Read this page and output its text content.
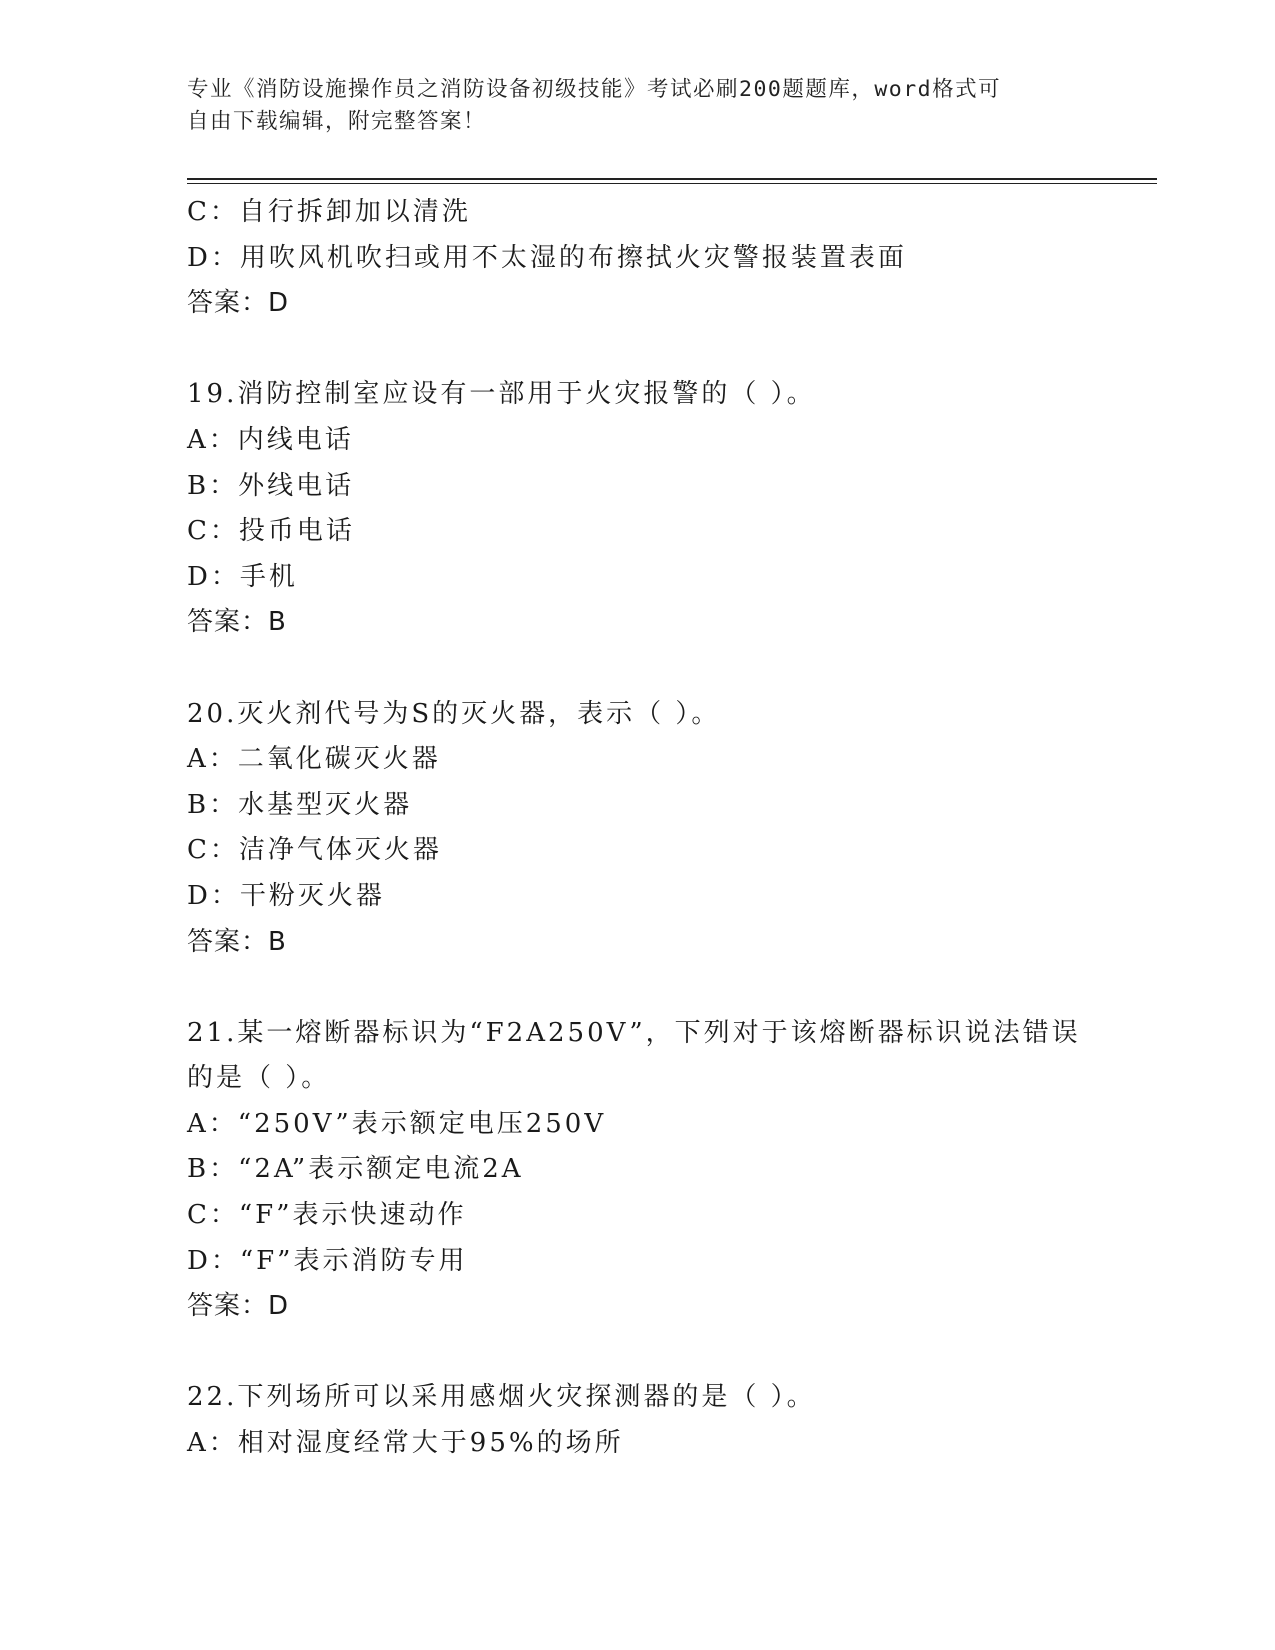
专业《消防设施操作员之消防设备初级技能》考试必刷200题题库，word格式可
自由下载编辑，附完整答案！
C：自行拆卸加以清洗
D：用吹风机吹扫或用不太湿的布擦拭火灾警报装置表面
答案：D
19.消防控制室应设有一部用于火灾报警的（ ）。
A：内线电话
B：外线电话
C：投币电话
D：手机
答案：B
20.灭火剂代号为S的灭火器，表示（ ）。
A：二氧化碳灭火器
B：水基型灭火器
C：洁净气体灭火器
D：干粉灭火器
答案：B
21.某一熔断器标识为“F2A250V”，下列对于该熔断器标识说法错误
的是（ ）。
A：“250V”表示额定电压250V
B：“2A”表示额定电流2A
C：“F”表示快速动作
D：“F”表示消防专用
答案：D
22.下列场所可以采用感烟火灾探测器的是（ ）。
A：相对湿度经常大于95%的场所
